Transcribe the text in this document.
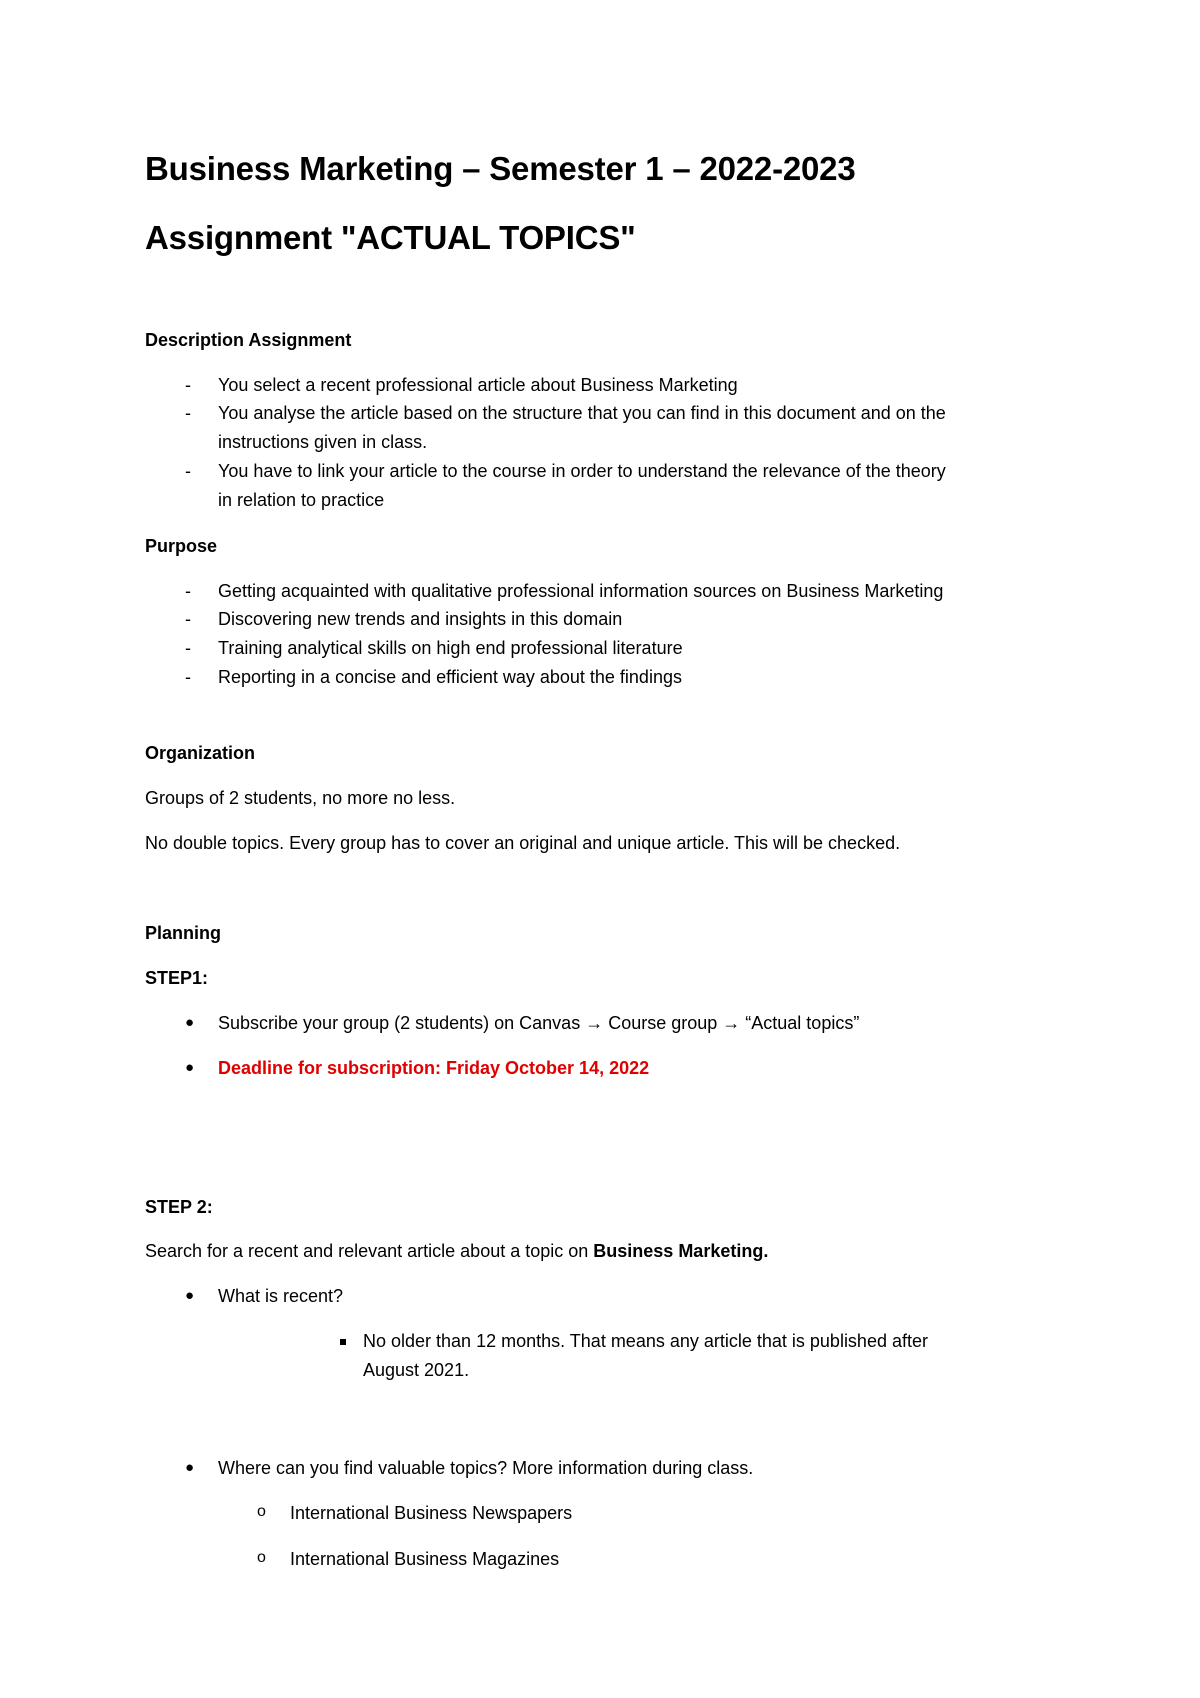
Business Marketing – Semester 1 – 2022-2023
Assignment "ACTUAL TOPICS"
Description Assignment
- You select a recent professional article about Business Marketing
- You analyse the article based on the structure that you can find in this document and on the
instructions given in class.
- You have to link your article to the course in order to understand the relevance of the theory
in relation to practice
Purpose
- Getting acquainted with qualitative professional information sources on Business Marketing
- Discovering new trends and insights in this domain
- Training analytical skills on high end professional literature
- Reporting in a concise and efficient way about the findings
Organization
Groups of 2 students, no more no less.
No double topics. Every group has to cover an original and unique article. This will be checked.
Planning
STEP1:
● Subscribe your group (2 students) on Canvas → Course group → “Actual topics”
● Deadline for subscription: Friday October 14, 2022
STEP 2:
Search for a recent and relevant article about a topic on Business Marketing.
● What is recent?
No older than 12 months. That means any article that is published after
August 2021.
● Where can you find valuable topics? More information during class.
o International Business Newspapers
o International Business Magazines
